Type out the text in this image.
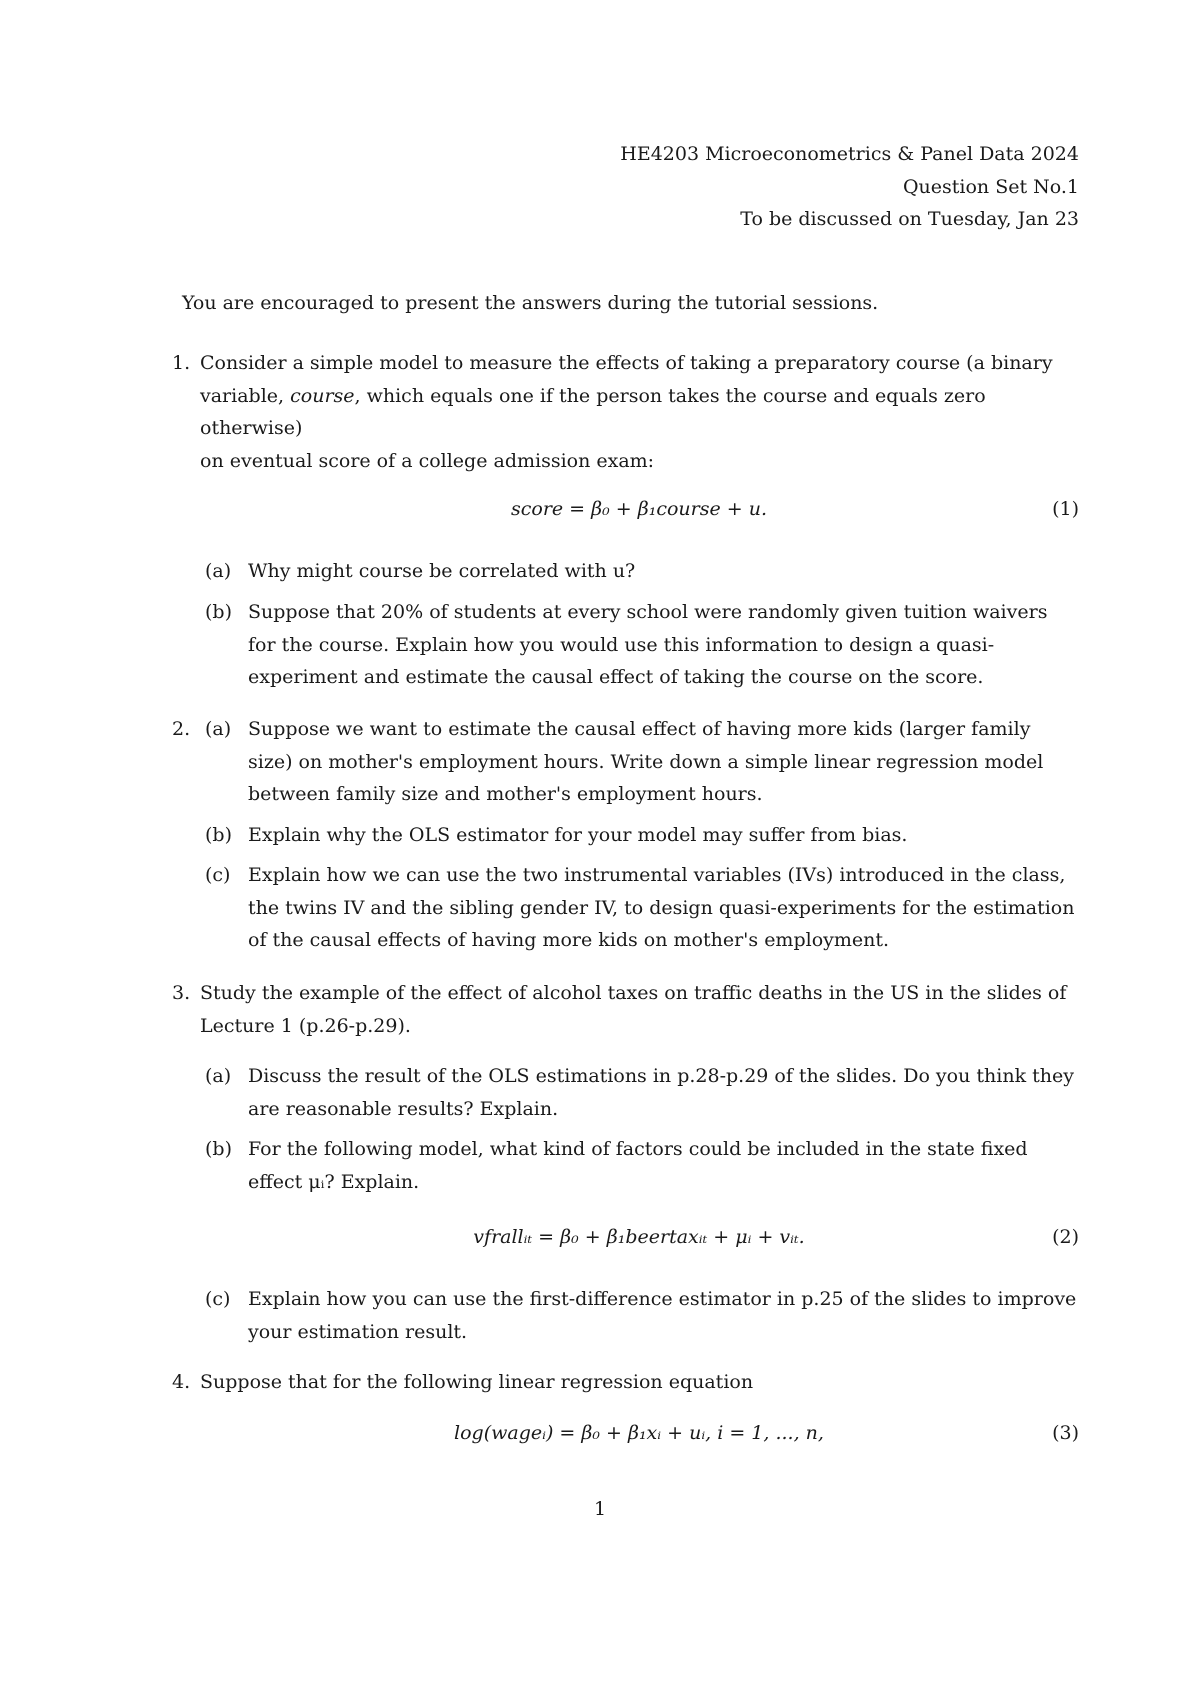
HE4203 Microeconometrics & Panel Data 2024
Question Set No.1
To be discussed on Tuesday, Jan 23
You are encouraged to present the answers during the tutorial sessions.
1. Consider a simple model to measure the effects of taking a preparatory course (a binary
variable, course, which equals one if the person takes the course and equals zero otherwise)
on eventual score of a college admission exam:
score = β₀ + β₁course + u.	(1)
(a) Why might course be correlated with u?
(b) Suppose that 20% of students at every school were randomly given tuition waivers for the course. Explain how you would use this information to design a quasi-experiment and estimate the causal effect of taking the course on the score.
2. (a) Suppose we want to estimate the causal effect of having more kids (larger family size) on mother's employment hours. Write down a simple linear regression model between family size and mother's employment hours.
(b) Explain why the OLS estimator for your model may suffer from bias.
(c) Explain how we can use the two instrumental variables (IVs) introduced in the class, the twins IV and the sibling gender IV, to design quasi-experiments for the estimation of the causal effects of having more kids on mother's employment.
3. Study the example of the effect of alcohol taxes on traffic deaths in the US in the slides of Lecture 1 (p.26-p.29).
(a) Discuss the result of the OLS estimations in p.28-p.29 of the slides. Do you think they are reasonable results? Explain.
(b) For the following model, what kind of factors could be included in the state fixed effect μᵢ? Explain.
vfrallᵢₜ = β₀ + β₁beertaxᵢₜ + μᵢ + vᵢₜ.	(2)
(c) Explain how you can use the first-difference estimator in p.25 of the slides to improve your estimation result.
4. Suppose that for the following linear regression equation
log(wageᵢ) = β₀ + β₁xᵢ + uᵢ, i = 1, ..., n,	(3)
1
